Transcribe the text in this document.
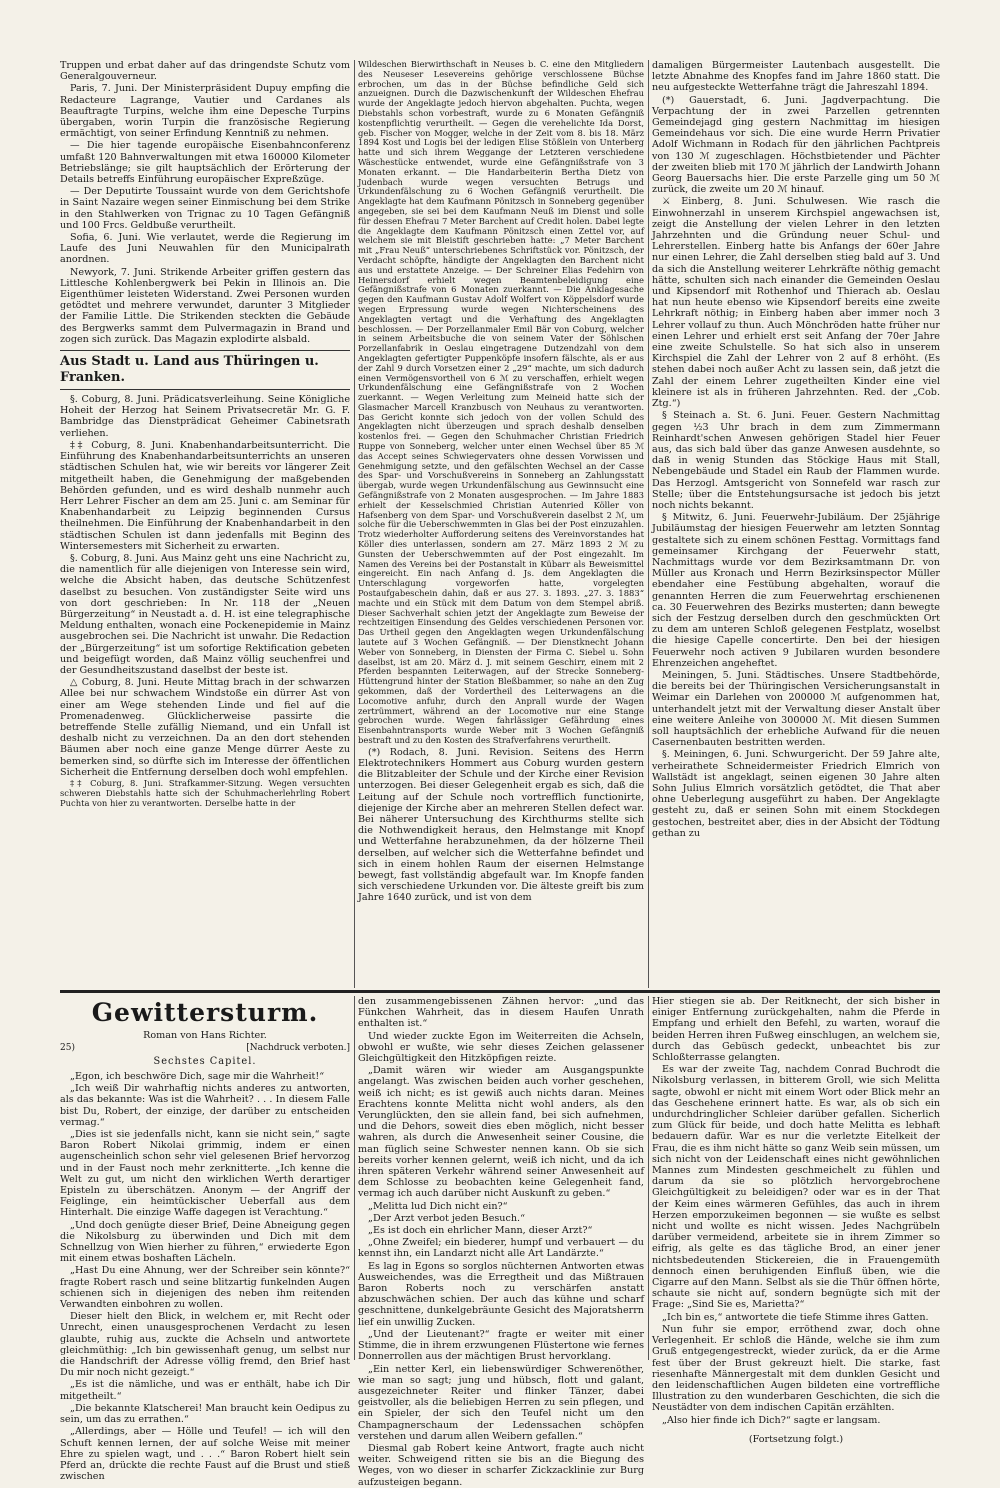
Truppen und erbat daher auf das dringendste Schutz vom Generalgouverneur.

Paris, 7. Juni. Der Ministerpräsident Dupuy empfing die Redacteure Lagrange, Vautier und Cardanes als Beauftragte Turpins, welche ihm eine Depesche Turpins übergaben, worin Turpin die französische Regierung ermächtigt, von seiner Erfindung Kenntniß zu nehmen.

— Die hier tagende europäische Eisenbahnconferenz umfaßt 120 Bahnverwaltungen mit etwa 160000 Kilometer Betriebslänge; sie gilt hauptsächlich der Erörterung der Details betreffs Einführung europäischer Expreßzüge.

— Der Deputirte Toussaint wurde von dem Gerichtshofe in Saint Nazaire wegen seiner Einmischung bei dem Strike in den Stahlwerken von Trignac zu 10 Tagen Gefängniß und 100 Frcs. Geldbuße verurtheilt.

Sofia, 6. Juni. Wie verlautet, werde die Regierung im Laufe des Juni Neuwahlen für den Municipalrath anordnen.

Newyork, 7. Juni. Strikende Arbeiter griffen gestern das Littlesche Kohlenbergwerk bei Pekin in Illinois an. Die Eigenthümer leisteten Widerstand. Zwei Personen wurden getödtet und mehrere verwundet, darunter 3 Mitglieder der Familie Little. Die Strikenden steckten die Gebäude des Bergwerks sammt dem Pulvermagazin in Brand und zogen sich zurück. Das Magazin explodirte alsbald.

Aus Stadt u. Land aus Thüringen u. Franken.

§. Coburg, 8. Juni. Prädicatsverleihung. Seine Königliche Hoheit der Herzog hat Seinem Privatsecretär Mr. G. F. Bambridge das Dienstprädicat Geheimer Cabinetsrath verliehen.

‡‡ Coburg, 8. Juni. Knabenhandarbeitsunterricht. Die Einführung des Knabenhandarbeitsunterrichts an unseren städtischen Schulen hat, wie wir bereits vor längerer Zeit mitgetheilt haben, die Genehmigung der maßgebenden Behörden gefunden, und es wird deshalb nunmehr auch Herr Lehrer Fischer an dem am 25. Juni c. am Seminar für Knabenhandarbeit zu Leipzig beginnenden Cursus theilnehmen. Die Einführung der Knabenhandarbeit in den städtischen Schulen ist dann jedenfalls mit Beginn des Wintersemesters mit Sicherheit zu erwarten.

§. Coburg, 8. Juni. Aus Mainz geht uns eine Nachricht zu, die namentlich für alle diejenigen von Interesse sein wird, welche die Absicht haben, das deutsche Schützenfest daselbst zu besuchen. Von zuständigster Seite wird uns von dort geschrieben: In Nr. 118 der „Neuen Bürgerzeitung“ in Neustadt a. d. H. ist eine telegraphische Meldung enthalten, wonach eine Pockenepidemie in Mainz ausgebrochen sei. Die Nachricht ist unwahr. Die Redaction der „Bürgerzeitung“ ist um sofortige Rektification gebeten und beigefügt worden, daß Mainz völlig seuchenfrei und der Gesundheitszustand daselbst der beste ist.

△ Coburg, 8. Juni. Heute Mittag brach in der schwarzen Allee bei nur schwachem Windstoße ein dürrer Ast von einer am Wege stehenden Linde und fiel auf die Promenadenweg. Glücklicherweise passirte die betreffende Stelle zufällig Niemand, und ein Unfall ist deshalb nicht zu verzeichnen. Da an den dort stehenden Bäumen aber noch eine ganze Menge dürrer Aeste zu bemerken sind, so dürfte sich im Interesse der öffentlichen Sicherheit die Entfernung derselben doch wohl empfehlen.

‡‡ Coburg, 8. Juni. Strafkammer-Sitzung. Wegen versuchten schweren Diebstahls hatte sich der Schuhmacherlehrling Robert Puchta von hier zu verantworten. Derselbe hatte in der

Wildeschen Bierwirthschaft in Neuses b. C. eine den Mitgliedern des Neuseser Lesevereins gehörige verschlossene Büchse erbrochen, um das in der Büchse befindliche Geld sich anzueignen. Durch die Dazwischenkunft der Wildeschen Ehefrau wurde der Angeklagte jedoch hiervon abgehalten. Puchta, wegen Diebstahls schon vorbestraft, wurde zu 6 Monaten Gefängniß kostenpflichtig verurtheilt. — Gegen die verehelichte Ida Dorst, geb. Fischer von Mogger, welche in der Zeit vom 8. bis 18. März 1894 Kost und Logis bei der ledigen Elise Stößlein von Unterberg hatte und sich ihrem Weggange der Letzteren verschiedene Wäschestücke entwendet, wurde eine Gefängnißstrafe von 3 Monaten erkannt. — Die Handarbeiterin Bertha Dietz von Judenbach wurde wegen versuchten Betrugs und Urkundenfälschung zu 6 Wochen Gefängniß verurtheilt. Die Angeklagte hat dem Kaufmann Pönitzsch in Sonneberg gegenüber angegeben, sie sei bei dem Kaufmann Neuß im Dienst und solle für dessen Ehefrau 7 Meter Barchent auf Credit holen. Dabei legte die Angeklagte dem Kaufmann Pönitzsch einen Zettel vor, auf welchem sie mit Bleistift geschrieben hatte: „7 Meter Barchent mit „Frau Neuß“ unterschriebenes Schriftstück vor. Pönitzsch, der Verdacht schöpfte, händigte der Angeklagten den Barchent nicht aus und erstattete Anzeige. — Der Schreiner Elias Fedehirn von Heinersdorf erhielt wegen Beamtenbeleidigung eine Gefängnißstrafe von 6 Monaten zuerkannt. — Die Anklagesache gegen den Kaufmann Gustav Adolf Wolfert von Köppelsdorf wurde wegen Erpressung wurde wegen Nichterscheinens des Angeklagten vertagt und die Verhaftung des Angeklagten beschlossen. — Der Porzellanmaler Emil Bär von Coburg, welcher in seinem Arbeitsbuche die von seinem Vater der Söhlschen Porzellanfabrik in Oeslau eingetragene Dutzendzahl von dem Angeklagten gefertigter Puppenköpfe insofern fälschte, als er aus der Zahl 9 durch Vorsetzen einer 2 „29“ machte, um sich dadurch einen Vermögensvortheil von 6 ℳ zu verschaffen, erhielt wegen Urkundenfälschung eine Gefängnißstrafe von 2 Wochen zuerkannt. — Wegen Verleitung zum Meineid hatte sich der Glasmacher Marcell Kranzbusch von Neuhaus zu verantworten. Das Gericht konnte sich jedoch von der vollen Schuld des Angeklagten nicht überzeugen und sprach deshalb denselben kostenlos frei. — Gegen den Schuhmacher Christian Friedrich Ruppe von Sonneberg, welcher unter einen Wechsel über 85 ℳ das Accept seines Schwiegervaters ohne dessen Vorwissen und Genehmigung setzte, und den gefälschten Wechsel an der Casse des Spar- und Vorschußvereins in Sonneberg an Zahlungsstatt übergab, wurde wegen Urkundenfälschung aus Gewinnsucht eine Gefängnißstrafe von 2 Monaten ausgesprochen. — Im Jahre 1883 erhielt der Kesselschmied Christian Autenried Köller von Hafsenberg von dem Spar- und Vorschußverein daselbst 2 ℳ, um solche für die Ueberschwemmten in Glas bei der Post einzuzahlen. Trotz wiederholter Aufforderung seitens des Vereinvorstandes hat Köller dies unterlassen, sondern am 27. März 1893 2 ℳ zu Gunsten der Ueberschwemmten auf der Post eingezahlt. Im Namen des Vereins bei der Postanstalt in Kübarr als Beweismittel eingereicht. Ein nach Anfang d. Js. dem Angeklagten die Unterschlagung vorgeworfen hatte, vorgelegten Postaufgabeschein dahin, daß er aus 27. 3. 1893. „27. 3. 1883“ machte und ein Stück mit dem Datum von dem Stempel abriß. Dieser Sachverhalt schien jetzt der Angeklagte zum Beweise der rechtzeitigen Einsendung des Geldes verschiedenen Personen vor. Das Urtheil gegen den Angeklagten wegen Urkundenfälschung lautete auf 3 Wochen Gefängniß. — Der Dienstknecht Johann Weber von Sonneberg, in Diensten der Firma C. Siebel u. Sohn daselbst, ist am 20. März d. J. mit seinem Geschirr, einem mit 2 Pferden bespannten Leiterwagen, auf der Strecke Sonneberg-Hüttengrund hinter der Station Bleßbammer, so nahe an den Zug gekommen, daß der Vordertheil des Leiterwagens an die Locomotive anfuhr, durch den Anprall wurde der Wagen zertrümmert, während an der Locomotive nur eine Stange gebrochen wurde. Wegen fahrlässiger Gefährdung eines Eisenbahntransports wurde Weber mit 3 Wochen Gefängniß bestraft und zu den Kosten des Strafverfahrens verurtheilt.

(*) Rodach, 8. Juni. Revision. Seitens des Herrn Elektrotechnikers Hommert aus Coburg wurden gestern die Blitzableiter der Schule und der Kirche einer Revision unterzogen. Bei dieser Gelegenheit ergab es sich, daß die Leitung auf der Schule noch vortrefflich functionirte, diejenige der Kirche aber an mehreren Stellen defect war. Bei näherer Untersuchung des Kirchthurms stellte sich die Nothwendigkeit heraus, den Helmstange mit Knopf und Wetterfahne herabzunehmen, da der hölzerne Theil derselben, auf welcher sich die Wetterfahne befindet und sich in einem hohlen Raum der eisernen Helmstange bewegt, fast vollständig abgefault war. Im Knopfe fanden sich verschiedene Urkunden vor. Die älteste greift bis zum Jahre 1640 zurück, und ist von dem

damaligen Bürgermeister Lautenbach ausgestellt. Die letzte Abnahme des Knopfes fand im Jahre 1860 statt. Die neu aufgesteckte Wetterfahne trägt die Jahreszahl 1894.

(*) Gauerstadt, 6. Juni. Jagdverpachtung. Die Verpachtung der in zwei Parzellen getrennten Gemeindejagd ging gestern Nachmittag im hiesigen Gemeindehaus vor sich. Die eine wurde Herrn Privatier Adolf Wichmann in Rodach für den jährlichen Pachtpreis von 130 ℳ zugeschlagen. Höchstbietender und Pächter der zweiten blieb mit 170 ℳ jährlich der Landwirth Johann Georg Bauersachs hier. Die erste Parzelle ging um 50 ℳ zurück, die zweite um 20 ℳ hinauf.

⚔ Einberg, 8. Juni. Schulwesen. Wie rasch die Einwohnerzahl in unserem Kirchspiel angewachsen ist, zeigt die Anstellung der vielen Lehrer in den letzten Jahrzehnten und die Gründung neuer Schul- und Lehrerstellen. Einberg hatte bis Anfangs der 60er Jahre nur einen Lehrer, die Zahl derselben stieg bald auf 3. Und da sich die Anstellung weiterer Lehrkräfte nöthig gemacht hätte, schulten sich nach einander die Gemeinden Oeslau und Kipsendorf mit Rothenhof und Thierach ab. Oeslau hat nun heute ebenso wie Kipsendorf bereits eine zweite Lehrkraft nöthig; in Einberg haben aber immer noch 3 Lehrer vollauf zu thun. Auch Mönchröden hatte früher nur einen Lehrer und erhielt erst seit Anfang der 70er Jahre eine zweite Schulstelle. So hat sich also in unserem Kirchspiel die Zahl der Lehrer von 2 auf 8 erhöht. (Es stehen dabei noch außer Acht zu lassen sein, daß jetzt die Zahl der einem Lehrer zugetheilten Kinder eine viel kleinere ist als in früheren Jahrzehnten. Red. der „Cob. Ztg.“)

§ Steinach a. St. 6. Juni. Feuer. Gestern Nachmittag gegen ½3 Uhr brach in dem zum Zimmermann Reinhardt'schen Anwesen gehörigen Stadel hier Feuer aus, das sich bald über das ganze Anwesen ausdehnte, so daß in wenig Stunden das Stöckige Haus mit Stall, Nebengebäude und Stadel ein Raub der Flammen wurde. Das Herzogl. Amtsgericht von Sonnefeld war rasch zur Stelle; über die Entstehungsursache ist jedoch bis jetzt noch nichts bekannt.

§ Mitwitz, 6. Juni. Feuerwehr-Jubiläum. Der 25jährige Jubiläumstag der hiesigen Feuerwehr am letzten Sonntag gestaltete sich zu einem schönen Festtag. Vormittags fand gemeinsamer Kirchgang der Feuerwehr statt, Nachmittags wurde vor dem Bezirksamtmann Dr. von Müller aus Kronach und Herrn Bezirksinspector Müller ebendaher eine Festübung abgehalten, worauf die genannten Herren die zum Feuerwehrtag erschienenen ca. 30 Feuerwehren des Bezirks musterten; dann bewegte sich der Festzug derselben durch den geschmückten Ort zu dem am unteren Schloß gelegenen Festplatz, woselbst die hiesige Capelle concertirte. Den bei der hiesigen Feuerwehr noch activen 9 Jubilaren wurden besondere Ehrenzeichen angeheftet.

Meiningen, 5. Juni. Städtisches. Unsere Stadtbehörde, die bereits bei der Thüringischen Versicherungsanstalt in Weimar ein Darlehen von 200000 ℳ aufgenommen hat, unterhandelt jetzt mit der Verwaltung dieser Anstalt über eine weitere Anleihe von 300000 ℳ. Mit diesen Summen soll hauptsächlich der erhebliche Aufwand für die neuen Casernenbauten bestritten werden.

§. Meiningen, 6. Juni. Schwurgericht. Der 59 Jahre alte, verheirathete Schneidermeister Friedrich Elmrich von Wallstädt ist angeklagt, seinen eigenen 30 Jahre alten Sohn Julius Elmrich vorsätzlich getödtet, die That aber ohne Ueberlegung ausgeführt zu haben. Der Angeklagte gesteht zu, daß er seinen Sohn mit einem Stockdegen gestochen, bestreitet aber, dies in der Absicht der Tödtung gethan zu

Gewittersturm.
Roman von Hans Richter.
25)	[Nachdruck verboten.]
Sechstes Capitel.

„Egon, ich beschwöre Dich, sage mir die Wahrheit!“

„Ich weiß Dir wahrhaftig nichts anderes zu antworten, als das bekannte: Was ist die Wahrheit? . . . In diesem Falle bist Du, Robert, der einzige, der darüber zu entscheiden vermag.“

„Dies ist sie jedenfalls nicht, kann sie nicht sein,“ sagte Baron Robert Nikolai grimmig, indem er einen augenscheinlich schon sehr viel gelesenen Brief hervorzog und in der Faust noch mehr zerknitterte. „Ich kenne die Welt zu gut, um nicht den wirklichen Werth derartiger Episteln zu überschätzen. Anonym — der Angriff der Feiglinge, ein heimtückischer Ueberfall aus dem Hinterhalt. Die einzige Waffe dagegen ist Verachtung.“

„Und doch genügte dieser Brief, Deine Abneigung gegen die Nikolsburg zu überwinden und Dich mit dem Schnellzug von Wien hierher zu führen,“ erwiederte Egon mit einem etwas boshaften Lächeln.

„Hast Du eine Ahnung, wer der Schreiber sein könnte?“ fragte Robert rasch und seine blitzartig funkelnden Augen schienen sich in diejenigen des neben ihm reitenden Verwandten einbohren zu wollen.

Dieser hielt den Blick, in welchem er, mit Recht oder Unrecht, einen unausgesprochenen Verdacht zu lesen glaubte, ruhig aus, zuckte die Achseln und antwortete gleichmüthig: „Ich bin gewissenhaft genug, um selbst nur die Handschrift der Adresse völlig fremd, den Brief hast Du mir noch nicht gezeigt.“

„Es ist die nämliche, und was er enthält, habe ich Dir mitgetheilt.“

„Die bekannte Klatscherei! Man braucht kein Oedipus zu sein, um das zu errathen.“

„Allerdings, aber — Hölle und Teufel! — ich will den Schuft kennen lernen, der auf solche Weise mit meiner Ehre zu spielen wagt, und . . .“ Baron Robert hielt sein Pferd an, drückte die rechte Faust auf die Brust und stieß zwischen

den zusammengebissenen Zähnen hervor: „und das Fünkchen Wahrheit, das in diesem Haufen Unrath enthalten ist.“

Und wieder zuckte Egon im Weiterreiten die Achseln, obwohl er wußte, wie sehr dieses Zeichen gelassener Gleichgültigkeit den Hitzköpfigen reizte.

„Damit wären wir wieder am Ausgangspunkte angelangt. Was zwischen beiden auch vorher geschehen, weiß ich nicht; es ist gewiß auch nichts daran. Meines Erachtens konnte Melitta nicht wohl anders, als den Verunglückten, den sie allein fand, bei sich aufnehmen, und die Dehors, soweit dies eben möglich, nicht besser wahren, als durch die Anwesenheit seiner Cousine, die man füglich seine Schwester nennen kann. Ob sie sich bereits vorher kennen gelernt, weiß ich nicht, und da ich ihren späteren Verkehr während seiner Anwesenheit auf dem Schlosse zu beobachten keine Gelegenheit fand, vermag ich auch darüber nicht Auskunft zu geben.“

„Melitta lud Dich nicht ein?“

„Der Arzt verbot jeden Besuch.“

„Es ist doch ein ehrlicher Mann, dieser Arzt?“

„Ohne Zweifel; ein biederer, humpf und verbauert — du kennst ihn, ein Landarzt nicht alle Art Landärzte.“

Es lag in Egons so sorglos nüchternen Antworten etwas Ausweichendes, was die Erregtheit und das Mißtrauen Baron Roberts noch zu verschärfen anstatt abzuschwächen schien. Der auch das kühne und scharf geschnittene, dunkelgebräunte Gesicht des Majoratsherrn lief ein unwillig Zucken.

„Und der Lieutenant?“ fragte er weiter mit einer Stimme, die in ihrem erzwungenen Flüstertone wie fernes Donnerrollen aus der mächtigen Brust hervorklang.

„Ein netter Kerl, ein liebenswürdiger Schwerenöther, wie man so sagt; jung und hübsch, flott und galant, ausgezeichneter Reiter und flinker Tänzer, dabei geistvoller, als die beliebigen Herren zu sein pflegen, und ein Spieler, der sich den Teufel nicht um den Champagnerschaum der Ledenssachen schöpfen verstehen und darum allen Weibern gefallen.“

Diesmal gab Robert keine Antwort, fragte auch nicht weiter. Schweigend ritten sie bis an die Biegung des Weges, von wo dieser in scharfer Zickzacklinie zur Burg aufzusteigen begann.

Hier stiegen sie ab. Der Reitknecht, der sich bisher in einiger Entfernung zurückgehalten, nahm die Pferde in Empfang und erhielt den Befehl, zu warten, worauf die beiden Herren ihren Fußweg einschlugen, an welchem sie, durch das Gebüsch gedeckt, unbeachtet bis zur Schloßterrasse gelangten.

Es war der zweite Tag, nachdem Conrad Buchrodt die Nikolsburg verlassen, in bitterem Groll, wie sich Melitta sagte, obwohl er nicht mit einem Wort oder Blick mehr an das Geschehene erinnert hatte. Es war, als ob sich ein undurchdringlicher Schleier darüber gefallen. Sicherlich zum Glück für beide, und doch hatte Melitta es lebhaft bedauern dafür. War es nur die verletzte Eitelkeit der Frau, die es ihm nicht hätte so ganz Weib sein müssen, um sich nicht von der Leidenschaft eines nicht gewöhnlichen Mannes zum Mindesten geschmeichelt zu fühlen und darum da sie so plötzlich hervorgebrochene Gleichgültigkeit zu beleidigen? oder war es in der That der Keim eines wärmeren Gefühles, das auch in ihrem Herzen emporzukeimen begonnen — sie wußte es selbst nicht und wollte es nicht wissen. Jedes Nachgrübeln darüber vermeidend, arbeitete sie in ihrem Zimmer so eifrig, als gelte es das tägliche Brod, an einer jener nichtsbedeutenden Stickereien, die in Frauengemüth dennoch einen beruhigenden Einfluß üben, wie die Cigarre auf den Mann. Selbst als sie die Thür öffnen hörte, schaute sie nicht auf, sondern begnügte sich mit der Frage: „Sind Sie es, Marietta?“

„Ich bin es,“ antwortete die tiefe Stimme ihres Gatten.

Nun fuhr sie empor, erröthend zwar, doch ohne Verlegenheit. Er schloß die Hände, welche sie ihm zum Gruß entgegengestreckt, wieder zurück, da er die Arme fest über der Brust gekreuzt hielt. Die starke, fast riesenhafte Männergestalt mit dem dunklen Gesicht und den leidenschaftlichen Augen bildeten eine vortreffliche Illustration zu den wunderbaren Geschichten, die sich die Neustädter von dem indischen Capitän erzählten.

„Also hier finde ich Dich?“ sagte er langsam.

(Fortsetzung folgt.)
